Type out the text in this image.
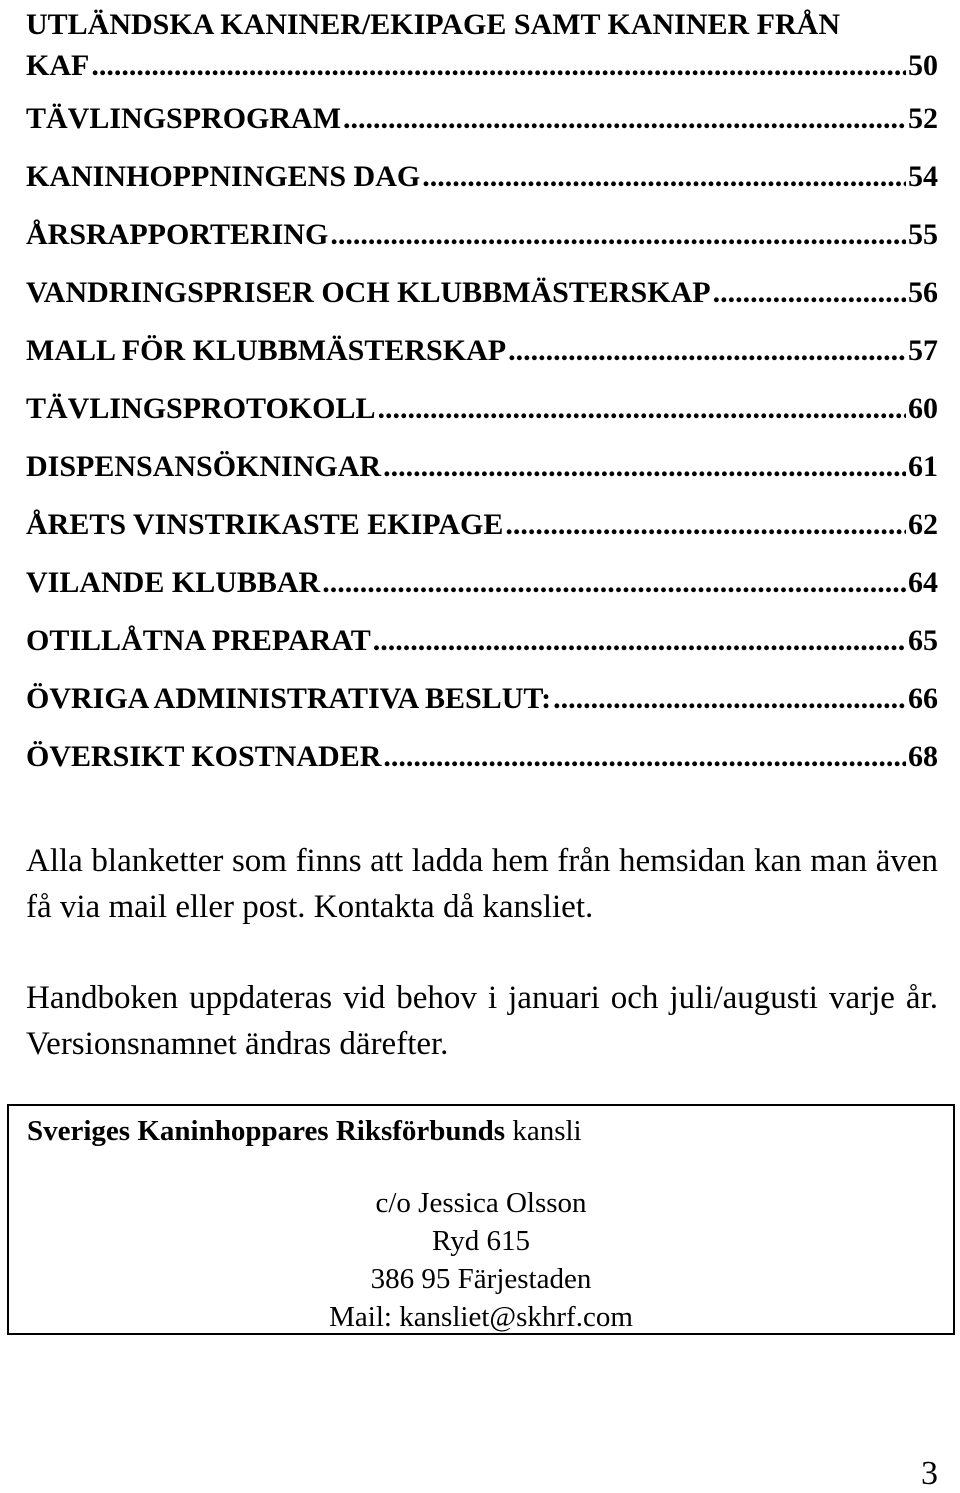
UTLÄNDSKA KANINER/EKIPAGE SAMT KANINER FRÅN
KAF .....	50
TÄVLINGSPROGRAM .....	52
KANINHOPPNINGENS DAG .....	54
ÅRSRAPPORTERING .....	55
VANDRINGSPRISER OCH KLUBBMÄSTERSKAP .....	56
MALL FÖR KLUBBMÄSTERSKAP .....	57
TÄVLINGSPROTOKOLL .....	60
DISPENSANSÖKNINGAR .....	61
ÅRETS VINSTRIKASTE EKIPAGE .....	62
VILANDE KLUBBAR .....	64
OTILLÅTNA PREPARAT .....	65
ÖVRIGA ADMINISTRATIVA BESLUT: .....	66
ÖVERSIKT KOSTNADER .....	68
Alla blanketter som finns att ladda hem från hemsidan kan man även få via mail eller post. Kontakta då kansliet.
Handboken uppdateras vid behov i januari och juli/augusti varje år. Versionsnamnet ändras därefter.
Sveriges Kaninhoppares Riksförbunds kansli
c/o Jessica Olsson
Ryd 615
386 95 Färjestaden
Mail: kansliet@skhrf.com
3
